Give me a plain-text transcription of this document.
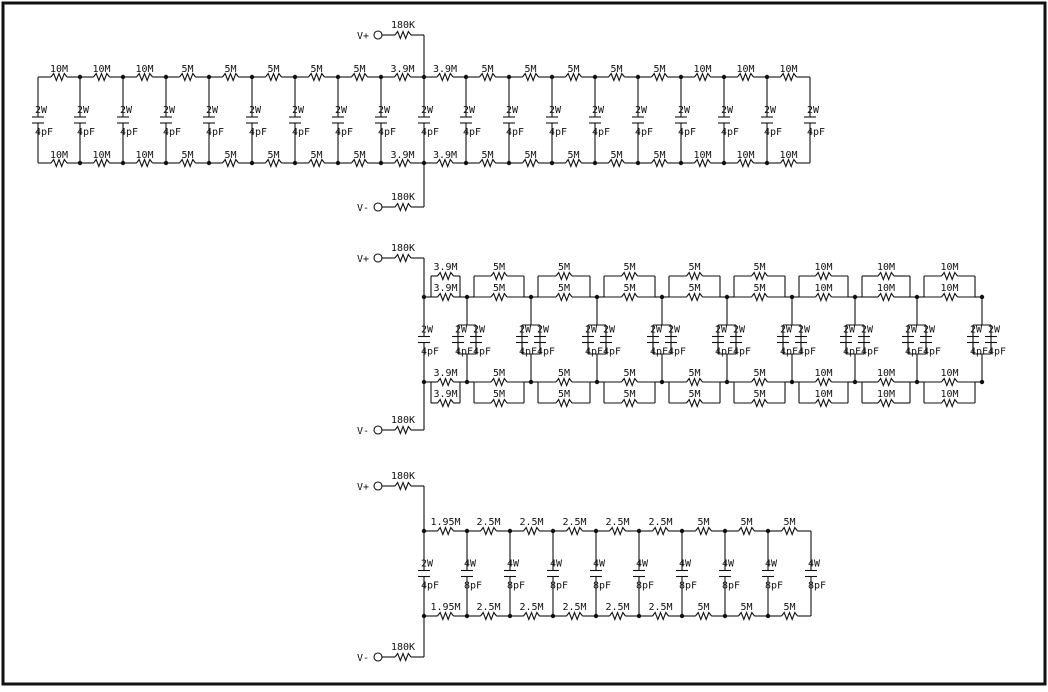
10M
10M
10M
10M
10M
10M
5M
5M
5M
5M
5M
5M
5M
5M
5M
5M
3.9M
3.9M
3.9M
3.9M
5M
5M
5M
5M
5M
5M
5M
5M
5M
5M
10M
10M
10M
10M
10M
10M
2W
4pF
2W
4pF
2W
4pF
2W
4pF
2W
4pF
2W
4pF
2W
4pF
2W
4pF
2W
4pF
2W
4pF
2W
4pF
2W
4pF
2W
4pF
2W
4pF
2W
4pF
2W
4pF
2W
4pF
2W
4pF
2W
4pF
V+
180K
V-
180K
3.9M
3.9M
3.9M
3.9M
5M
5M
5M
5M
5M
5M
5M
5M
5M
5M
5M
5M
5M
5M
5M
5M
5M
5M
5M
5M
10M
10M
10M
10M
10M
10M
10M
10M
10M
10M
10M
10M
2W
4pF
2W
4pF
2W
4pF
2W
4pF
2W
4pF
2W
4pF
2W
4pF
2W
4pF
2W
4pF
2W
4pF
2W
4pF
2W
4pF
2W
4pF
2W
4pF
2W
4pF
2W
4pF
2W
4pF
2W
4pF
2W
4pF
V+
180K
V-
180K
1.95M
1.95M
2.5M
2.5M
2.5M
2.5M
2.5M
2.5M
2.5M
2.5M
2.5M
2.5M
5M
5M
5M
5M
5M
5M
2W
4pF
4W
8pF
4W
8pF
4W
8pF
4W
8pF
4W
8pF
4W
8pF
4W
8pF
4W
8pF
4W
8pF
V+
180K
V-
180K
